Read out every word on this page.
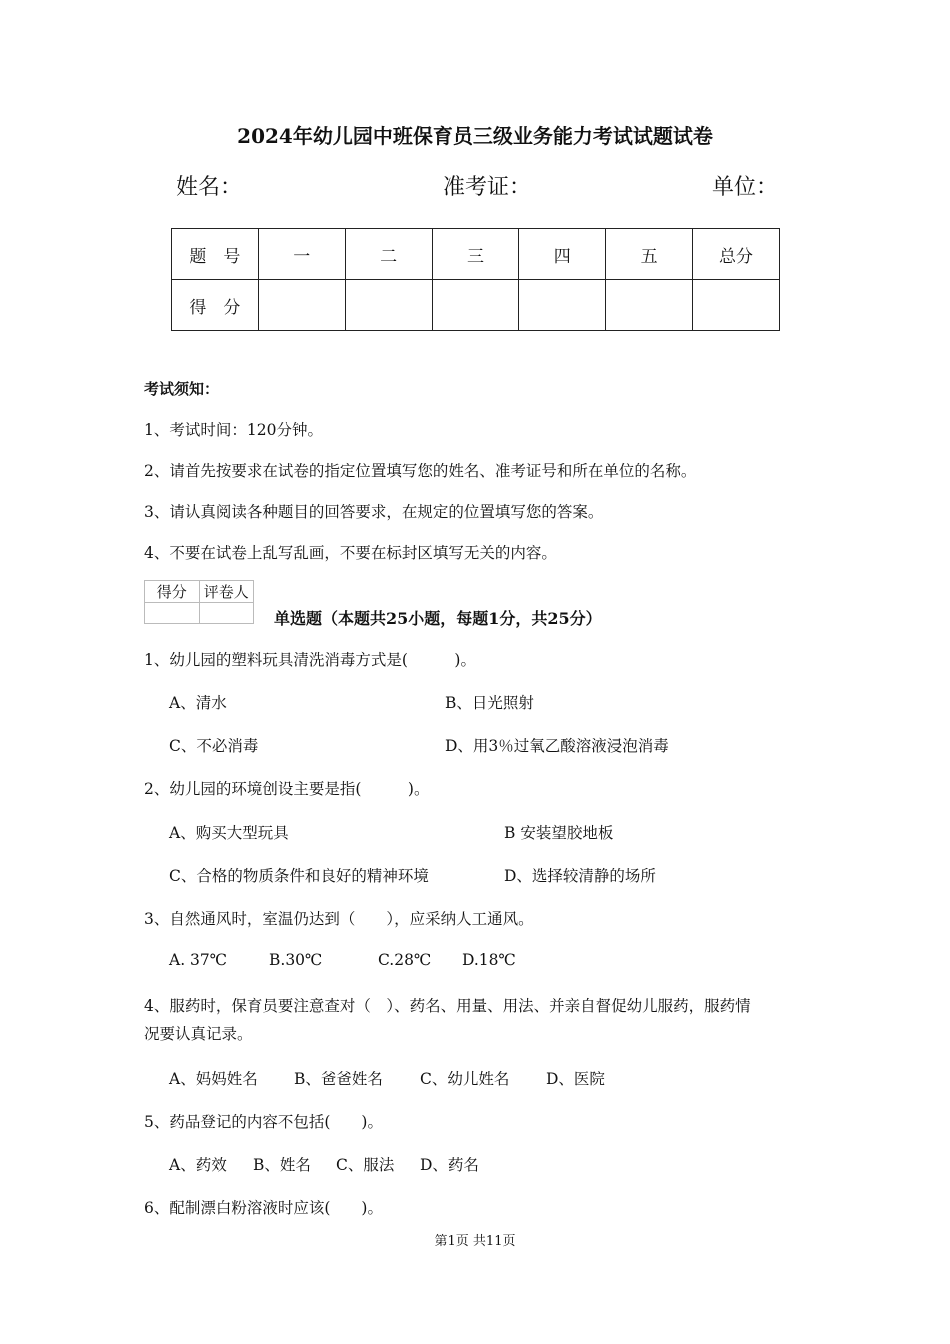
2024年幼儿园中班保育员三级业务能力考试试题试卷
姓名：	准考证：	单位：
题　号	一	二	三	四	五	总分
得　分						
考试须知：
1、考试时间：120分钟。
2、请首先按要求在试卷的指定位置填写您的姓名、准考证号和所在单位的名称。
3、请认真阅读各种题目的回答要求，在规定的位置填写您的答案。
4、不要在试卷上乱写乱画，不要在标封区填写无关的内容。
得分	评卷人

单选题（本题共25小题，每题1分，共25分）
1、幼儿园的塑料玩具清洗消毒方式是(　　　)。
A、清水	B、日光照射
C、不必消毒	D、用3％过氧乙酸溶液浸泡消毒
2、幼儿园的环境创设主要是指(　　　)。
A、购买大型玩具	B 安装望胶地板
C、合格的物质条件和良好的精神环境	D、选择较清静的场所
3、自然通风时，室温仍达到（　　），应采纳人工通风。
A. 37℃	B.30℃	C.28℃ D.18℃
4、服药时，保育员要注意查对（　）、药名、用量、用法、并亲自督促幼儿服药，服药情
况要认真记录。
A、妈妈姓名 B、爸爸姓名 C、幼儿姓名 D、医院
5、药品登记的内容不包括(　　)。
A、药效 B、姓名 C、服法 D、药名
6、配制漂白粉溶液时应该(　　)。
第1页 共11页
